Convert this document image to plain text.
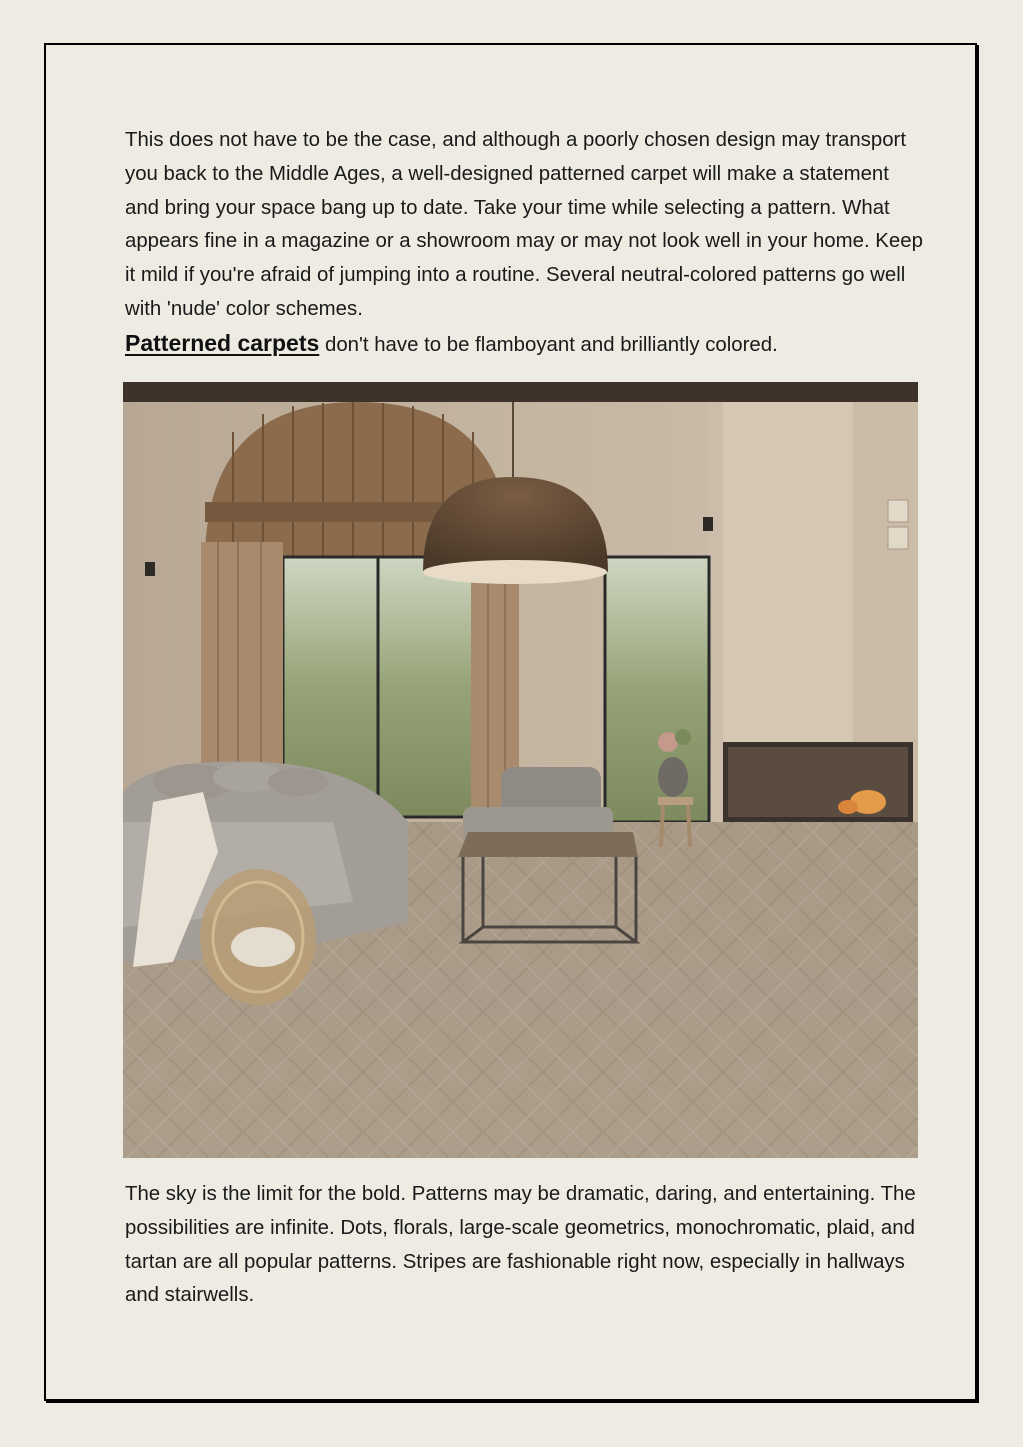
This does not have to be the case, and although a poorly chosen design may transport you back to the Middle Ages, a well-designed patterned carpet will make a statement and bring your space bang up to date. Take your time while selecting a pattern. What appears fine in a magazine or a showroom may or may not look well in your home. Keep it mild if you're afraid of jumping into a routine. Several neutral-colored patterns go well with 'nude' color schemes.
Patterned carpets don't have to be flamboyant and brilliantly colored.

The sky is the limit for the bold. Patterns may be dramatic, daring, and entertaining. The possibilities are infinite. Dots, florals, large-scale geometrics, monochromatic, plaid, and tartan are all popular patterns. Stripes are fashionable right now, especially in hallways and stairwells.
